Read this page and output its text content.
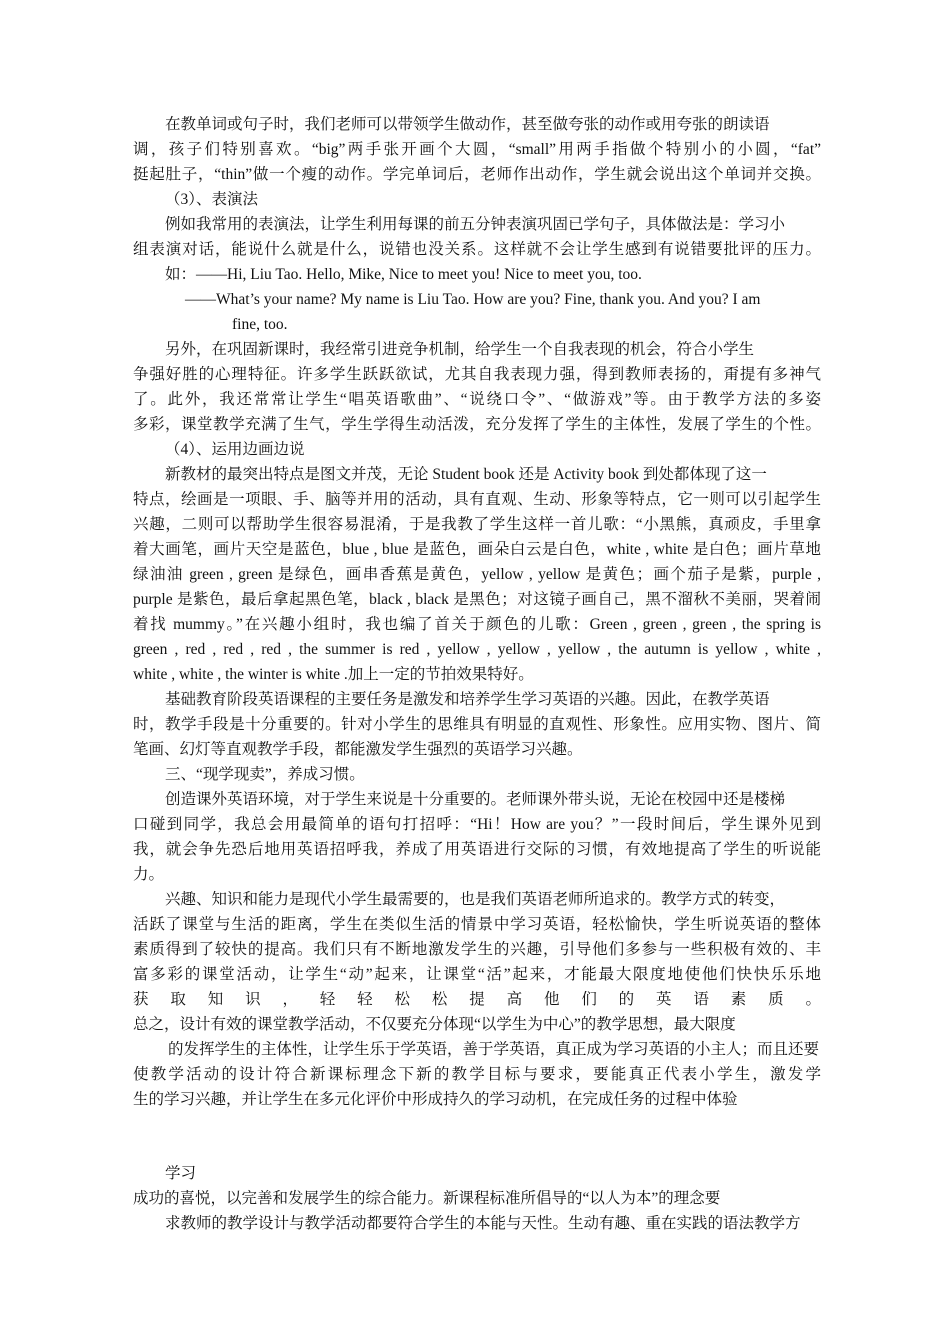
在教单词或句子时，我们老师可以带领学生做动作，甚至做夸张的动作或用夸张的朗读语
调，孩子们特别喜欢。“big”两手张开画个大圆，“small”用两手指做个特别小的小圆，“fat”
挺起肚子，“thin”做一个瘦的动作。学完单词后，老师作出动作，学生就会说出这个单词并交换。
（3）、表演法
例如我常用的表演法，让学生利用每课的前五分钟表演巩固已学句子，具体做法是：学习小
组表演对话，能说什么就是什么，说错也没关系。这样就不会让学生感到有说错要批评的压力。
如：——Hi, Liu Tao. Hello, Mike, Nice to meet you! Nice to meet you, too.
——What’s your name? My name is Liu Tao. How are you? Fine, thank you. And you? I am
fine, too.
另外，在巩固新课时，我经常引进竞争机制，给学生一个自我表现的机会，符合小学生
争强好胜的心理特征。许多学生跃跃欲试，尤其自我表现力强，得到教师表扬的，甭提有多神气
了。此外，我还常常让学生“唱英语歌曲”、“说绕口令”、“做游戏”等。由于教学方法的多姿
多彩，课堂教学充满了生气，学生学得生动活泼，充分发挥了学生的主体性，发展了学生的个性。
（4）、运用边画边说
新教材的最突出特点是图文并茂，无论 Student book 还是 Activity book 到处都体现了这一
特点，绘画是一项眼、手、脑等并用的活动，具有直观、生动、形象等特点，它一则可以引起学生
兴趣，二则可以帮助学生很容易混淆，于是我教了学生这样一首儿歌：“小黑熊，真顽皮，手里拿
着大画笔，画片天空是蓝色，blue , blue 是蓝色，画朵白云是白色，white , white 是白色；画片草地
绿油油 green , green 是绿色，画串香蕉是黄色，yellow , yellow 是黄色；画个茄子是紫，purple ,
purple 是紫色，最后拿起黑色笔，black , black 是黑色；对这镜子画自己，黑不溜秋不美丽，哭着闹
着找 mummy。”在兴趣小组时，我也编了首关于颜色的儿歌：Green , green , green , the spring is
green , red , red , red , the summer is red , yellow , yellow , yellow , the autumn is yellow , white ,
white , white , the winter is white .加上一定的节拍效果特好。
基础教育阶段英语课程的主要任务是激发和培养学生学习英语的兴趣。因此，在教学英语
时，教学手段是十分重要的。针对小学生的思维具有明显的直观性、形象性。应用实物、图片、简
笔画、幻灯等直观教学手段，都能激发学生强烈的英语学习兴趣。
三、“现学现卖”，养成习惯。
创造课外英语环境，对于学生来说是十分重要的。老师课外带头说，无论在校园中还是楼梯
口碰到同学，我总会用最简单的语句打招呼：“Hi！How are you？”一段时间后，学生课外见到
我，就会争先恐后地用英语招呼我，养成了用英语进行交际的习惯，有效地提高了学生的听说能
力。
兴趣、知识和能力是现代小学生最需要的，也是我们英语老师所追求的。教学方式的转变，
活跃了课堂与生活的距离，学生在类似生活的情景中学习英语，轻松愉快，学生听说英语的整体
素质得到了较快的提高。我们只有不断地激发学生的兴趣，引导他们多参与一些积极有效的、丰
富多彩的课堂活动，让学生“动”起来，让课堂“活”起来，才能最大限度地使他们快快乐乐地
获取知识，轻轻松松提高他们的英语素质。
总之，设计有效的课堂教学活动，不仅要充分体现“以学生为中心”的教学思想，最大限度
的发挥学生的主体性，让学生乐于学英语，善于学英语，真正成为学习英语的小主人；而且还要
使教学活动的设计符合新课标理念下新的教学目标与要求，要能真正代表小学生，激发学
生的学习兴趣，并让学生在多元化评价中形成持久的学习动机，在完成任务的过程中体验
学习
成功的喜悦，以完善和发展学生的综合能力。新课程标准所倡导的“以人为本”的理念要
求教师的教学设计与教学活动都要符合学生的本能与天性。生动有趣、重在实践的语法教学方
